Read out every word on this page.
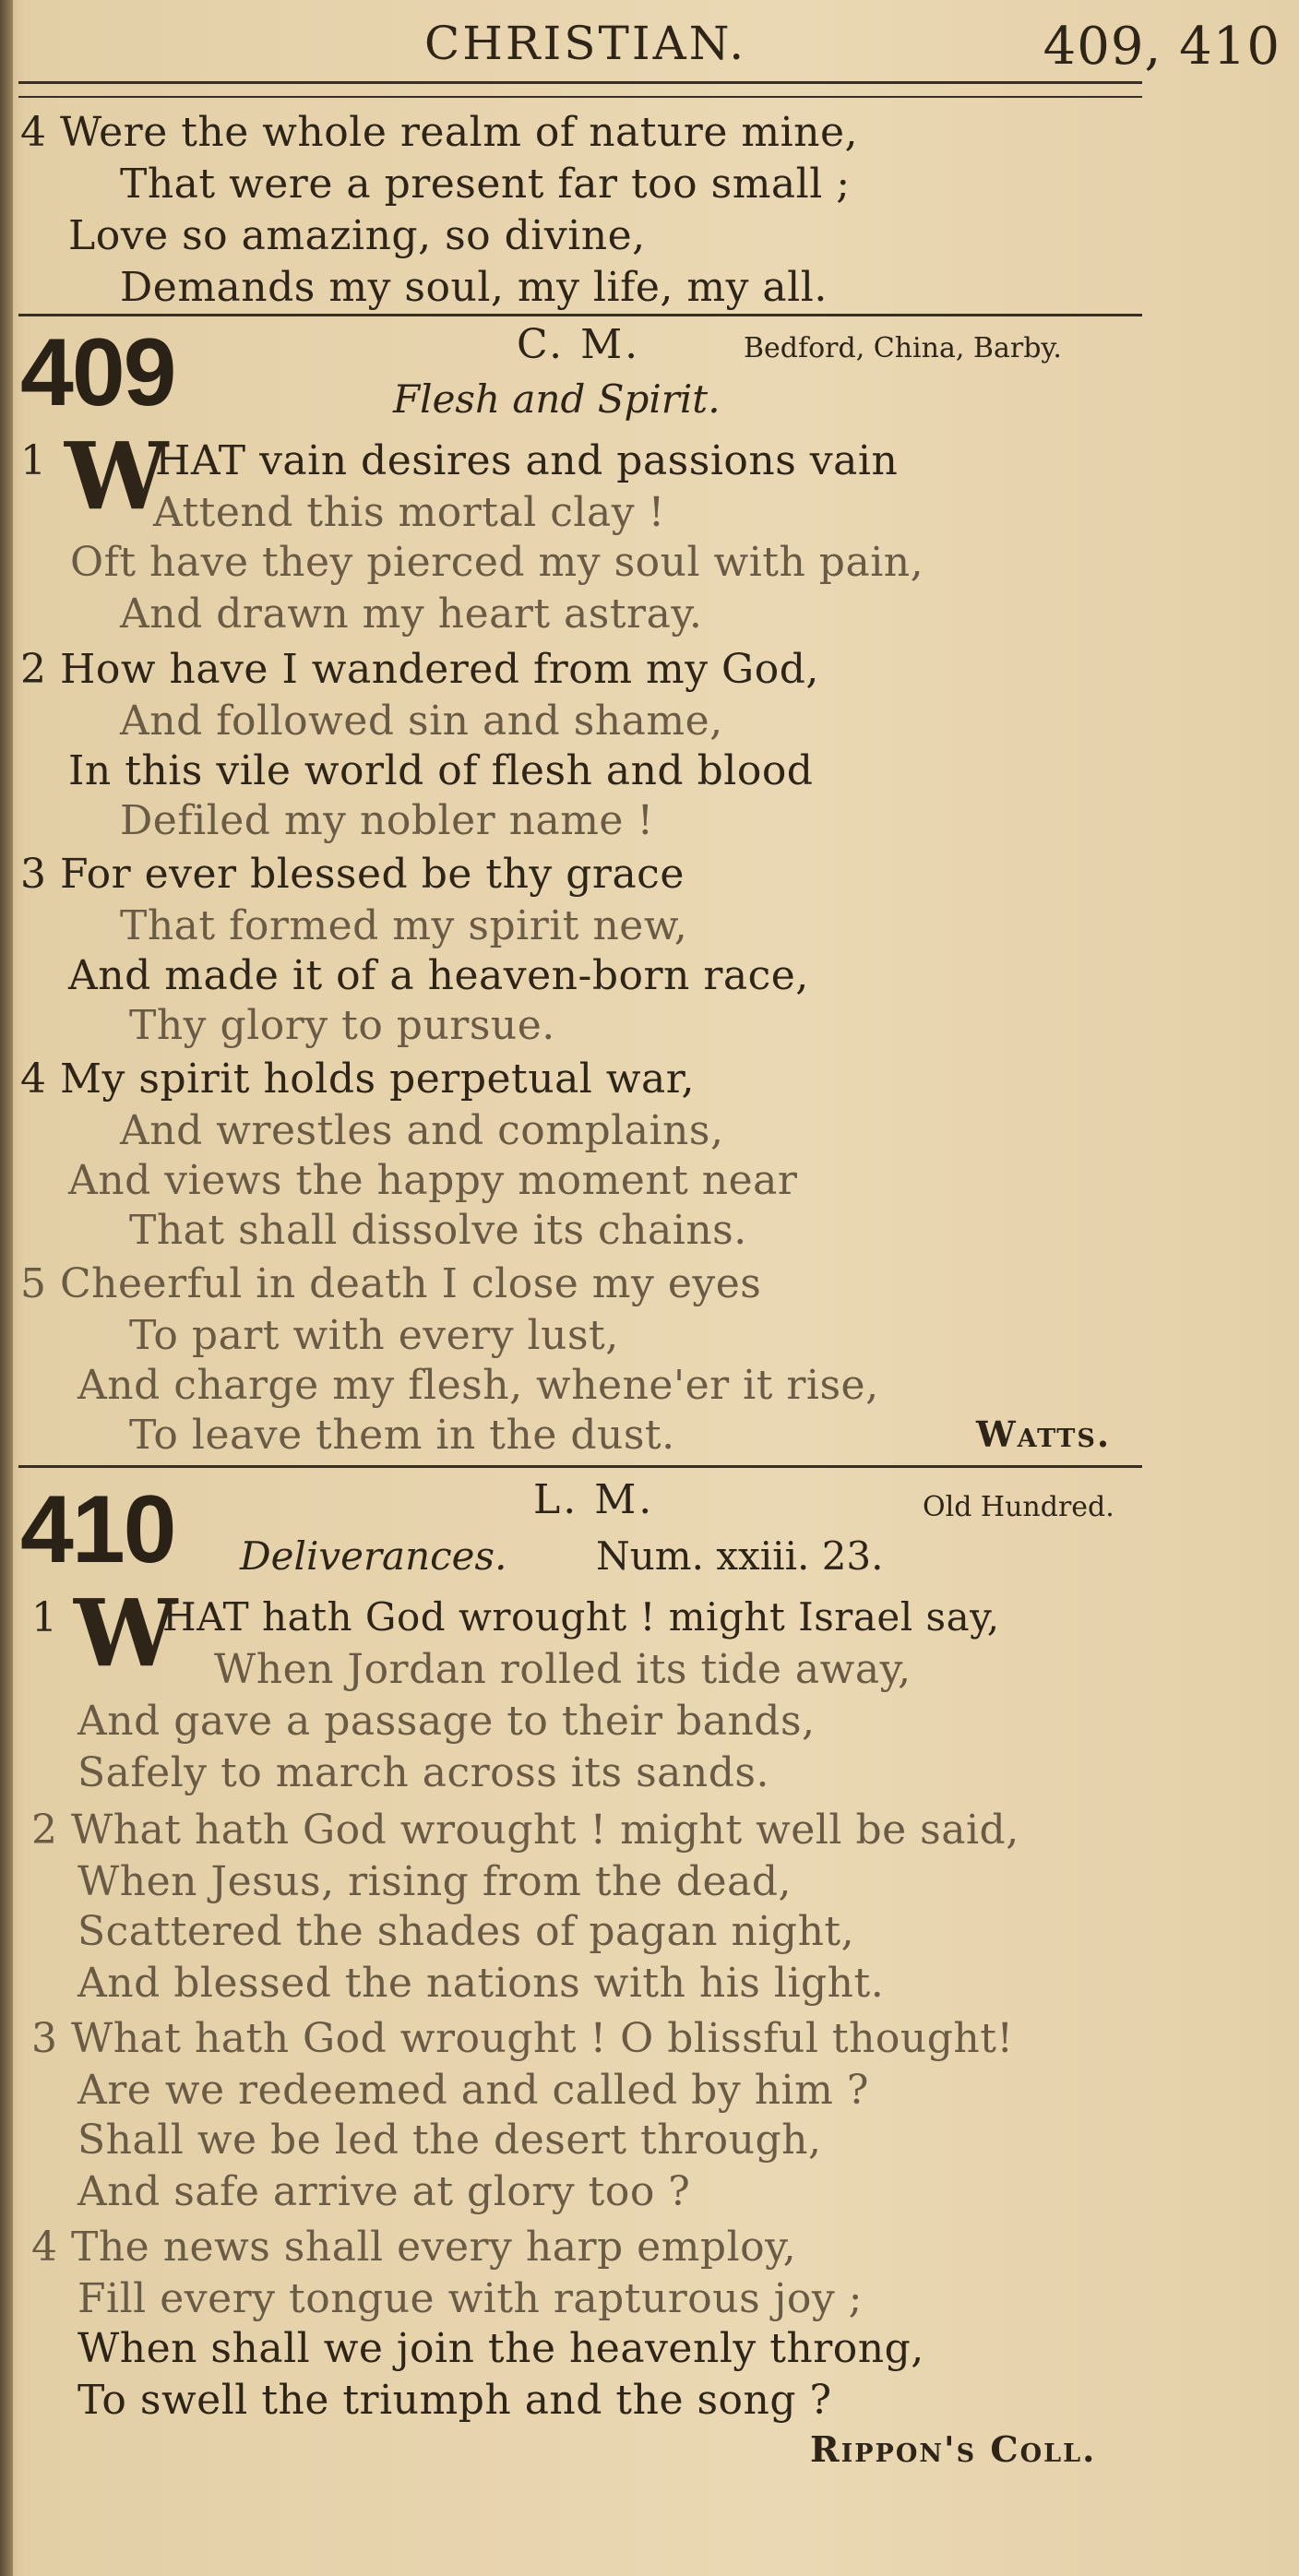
CHRISTIAN.	409, 410
4 Were the whole realm of nature mine,
That were a present far too small ;
Love so amazing, so divine,
Demands my soul, my life, my all.
409	C. M.	Bedford, China, Barby.
Flesh and Spirit.
1 W
HAT vain desires and passions vain
Attend this mortal clay !
Oft have they pierced my soul with pain,
And drawn my heart astray.
2 How have I wandered from my God,
And followed sin and shame,
In this vile world of flesh and blood
Defiled my nobler name !
3 For ever blessed be thy grace
That formed my spirit new,
And made it of a heaven-born race,
Thy glory to pursue.
4 My spirit holds perpetual war,
And wrestles and complains,
And views the happy moment near
That shall dissolve its chains.
5 Cheerful in death I close my eyes
To part with every lust,
And charge my flesh, whene'er it rise,
To leave them in the dust.	Watts.
410	L. M.	Old Hundred.
Deliverances. Num. xxiii. 23.
1 W
HAT hath God wrought ! might Israel say,
When Jordan rolled its tide away,
And gave a passage to their bands,
Safely to march across its sands.
2 What hath God wrought ! might well be said,
When Jesus, rising from the dead,
Scattered the shades of pagan night,
And blessed the nations with his light.
3 What hath God wrought ! O blissful thought!
Are we redeemed and called by him ?
Shall we be led the desert through,
And safe arrive at glory too ?
4 The news shall every harp employ,
Fill every tongue with rapturous joy ;
When shall we join the heavenly throng,
To swell the triumph and the song ?
Rippon's Coll.
